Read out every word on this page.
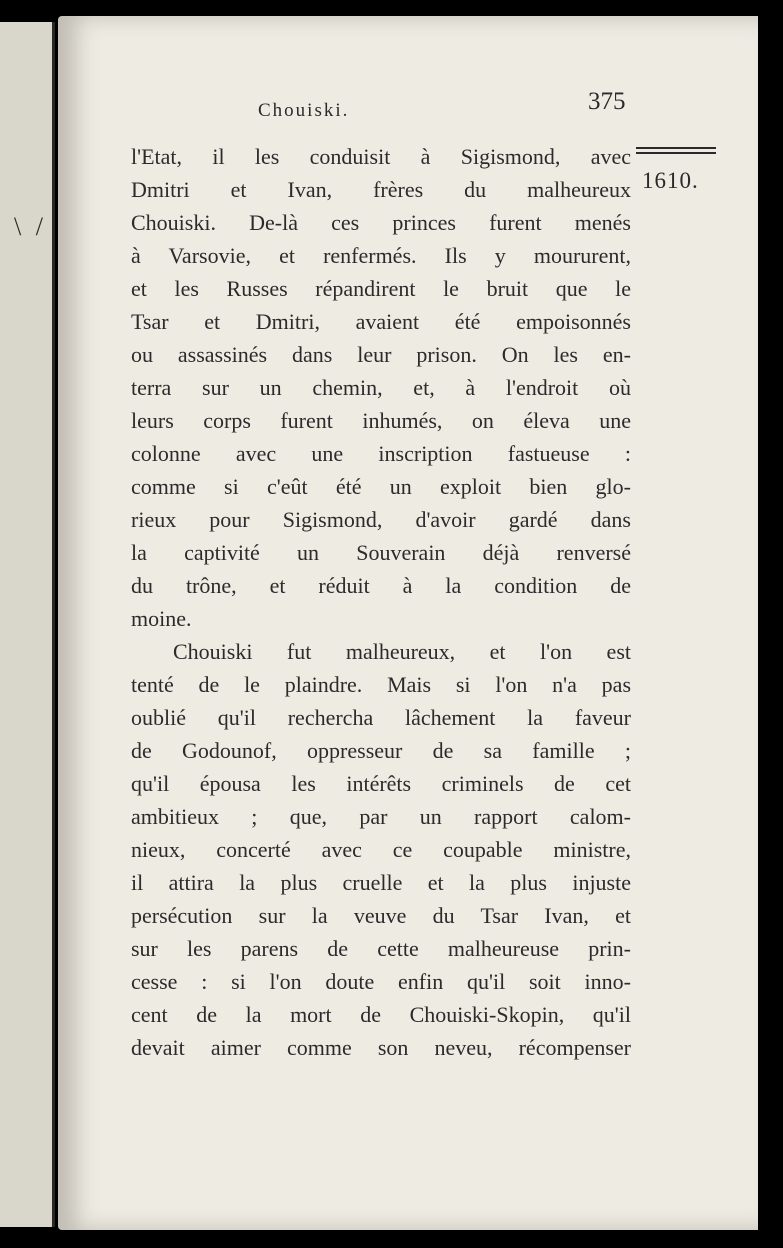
\ /
Chouiski.	375
1610.
l'Etat, il les conduisit à Sigismond, avec
Dmitri et Ivan, frères du malheureux
Chouiski. De-là ces princes furent menés
à Varsovie, et renfermés. Ils y moururent,
et les Russes répandirent le bruit que le
Tsar et Dmitri, avaient été empoisonnés
ou assassinés dans leur prison. On les en-
terra sur un chemin, et, à l'endroit où
leurs corps furent inhumés, on éleva une
colonne avec une inscription fastueuse :
comme si c'eût été un exploit bien glo-
rieux pour Sigismond, d'avoir gardé dans
la captivité un Souverain déjà renversé
du trône, et réduit à la condition de
moine.
Chouiski fut malheureux, et l'on est
tenté de le plaindre. Mais si l'on n'a pas
oublié qu'il rechercha lâchement la faveur
de Godounof, oppresseur de sa famille ;
qu'il épousa les intérêts criminels de cet
ambitieux ; que, par un rapport calom-
nieux, concerté avec ce coupable ministre,
il attira la plus cruelle et la plus injuste
persécution sur la veuve du Tsar Ivan, et
sur les parens de cette malheureuse prin-
cesse : si l'on doute enfin qu'il soit inno-
cent de la mort de Chouiski-Skopin, qu'il
devait aimer comme son neveu, récompenser
